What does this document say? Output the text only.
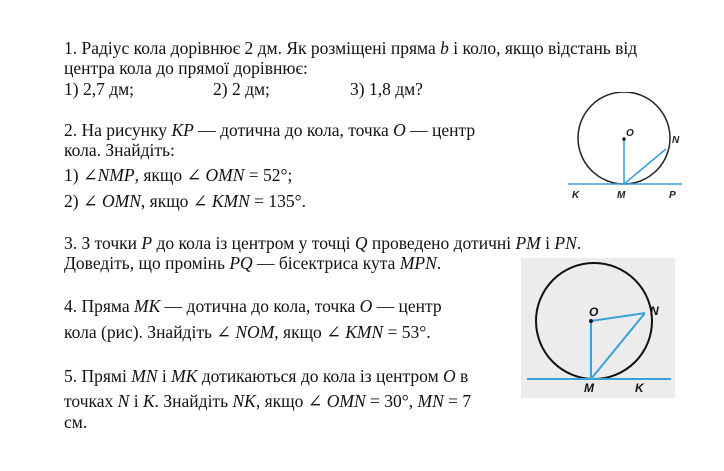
1. Радіус кола дорівнює 2 дм. Як розміщені пряма b і коло, якщо відстань від
центра кола до прямої дорівнює:
1) 2,7 дм;	2) 2 дм;	3) 1,8 дм?
2. На рисунку KP — дотична до кола, точка O — центр
кола. Знайдіть:
1) ∠NMP, якщо ∠ OMN = 52°;
2) ∠ OMN, якщо ∠ KMN = 135°.
O
N
K	M	P
3. З точки P до кола із центром у точці Q проведено дотичні PM і PN.
Доведіть, що промінь PQ — бісектриса кута MPN.
O	N
M	K
4. Пряма MK — дотична до кола, точка O — центр
кола (рис). Знайдіть ∠ NOM, якщо ∠ KMN = 53°.
5. Прямі MN і MK дотикаються до кола із центром O в
точках N і K. Знайдіть NK, якщо ∠ OMN = 30°, MN = 7
см.
